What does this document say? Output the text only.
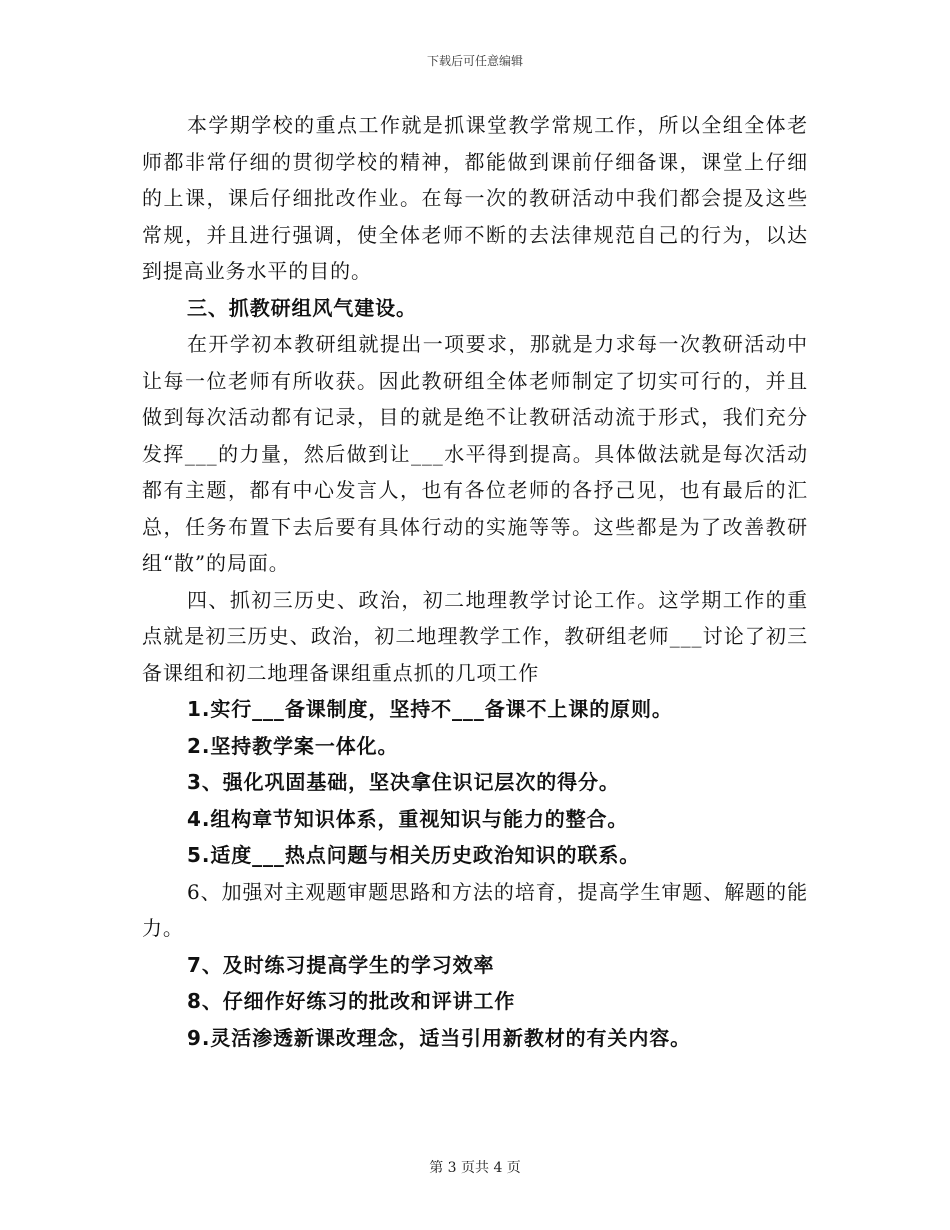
下载后可任意编辑

本学期学校的重点工作就是抓课堂教学常规工作，所以全组全体老师都非常仔细的贯彻学校的精神，都能做到课前仔细备课，课堂上仔细的上课，课后仔细批改作业。在每一次的教研活动中我们都会提及这些常规，并且进行强调，使全体老师不断的去法律规范自己的行为，以达到提高业务水平的目的。

三、抓教研组风气建设。

在开学初本教研组就提出一项要求，那就是力求每一次教研活动中让每一位老师有所收获。因此教研组全体老师制定了切实可行的，并且做到每次活动都有记录，目的就是绝不让教研活动流于形式，我们充分发挥___的力量，然后做到让___水平得到提高。具体做法就是每次活动都有主题，都有中心发言人，也有各位老师的各抒己见，也有最后的汇总，任务布置下去后要有具体行动的实施等等。这些都是为了改善教研组“散”的局面。

四、抓初三历史、政治，初二地理教学讨论工作。这学期工作的重点就是初三历史、政治，初二地理教学工作，教研组老师___讨论了初三备课组和初二地理备课组重点抓的几项工作

1.实行___备课制度，坚持不___备课不上课的原则。

2.坚持教学案一体化。

3、强化巩固基础，坚决拿住识记层次的得分。

4.组构章节知识体系，重视知识与能力的整合。

5.适度___热点问题与相关历史政治知识的联系。

6、加强对主观题审题思路和方法的培育，提高学生审题、解题的能力。

7、及时练习提高学生的学习效率

8、仔细作好练习的批改和评讲工作

9.灵活渗透新课改理念，适当引用新教材的有关内容。

第 3 页共 4 页
